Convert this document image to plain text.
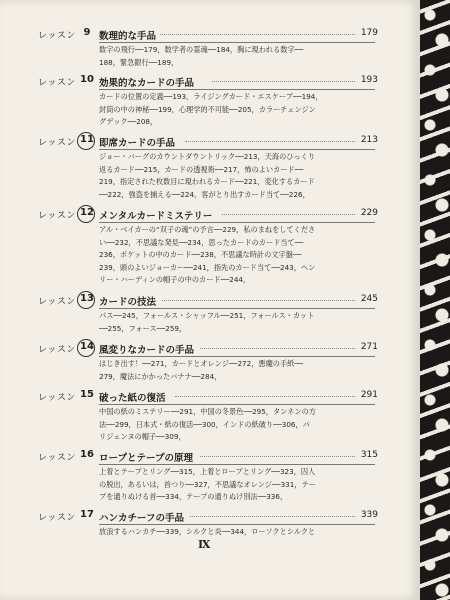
レッスン 9 数理的な手品	179
数字の飛行──179，数学者の霊魂──184，胸に現われる数字──
188，緊急銀行──189，
レッスン 10 効果的なカードの手品	193
カードの位置の定義──193，ライジングカード・エスケープ──194，
封筒の中の神秘──199，心理学的不可能──205，カラーチェンジン
グデック──208，
レッスン 11 即席カードの手品	213
ジョー・バーグのカウントダウントリック──213，天海のひっくり
返るカード──215，カードの透視術──217，怖のよいカード──
219，指定された枚数目に現われるカード──221，変化するカード
──222，強盗を捕える──224，客がとり出すカード当て──226，
レッスン 12 メンタルカードミステリー	229
アル・ベイカーの“双子の魂”の予言──229，私のまねをしてくださ
い──232，不思議な発見──234，思ったカードのカード当て──
236，ポケットの中のカード──238，不思議な時計の文字盤──
239，頭のよいジョーカー──241，指先のカード当て──243，ヘン
リー・ハーディンの帽子の中のカード──244，
レッスン 13 カードの技法	245
パス──245，フォールス・シャッフル──251，フォールス・カット
──255，フォース──259，
レッスン 14 風変りなカードの手品	271
はじき出す！──271，カードとオレンジ──272，悪魔の手紙──
279，魔法にかかったバナナ──284，
レッスン 15 破った紙の復活	291
中国の紙のミステリー──291，中国の冬景色──295，タンネンの方
法──299，日本式・紙の復活──300，インドの紙破り──306，パ
リジェンヌの帽子──309，
レッスン 16 ロープとテープの原理	315
上着とテープとリング──315，上着とロープとリング──323，囚人
の脱出，あるいは，首つり──327，不思議なオレンジ──331，テー
プを通りぬける首──334，テープの通りぬけ別法──336，
レッスン 17 ハンカチーフの手品	339
放浪するハンカチ──339，シルクと炎──344，ローソクとシルクと
Ⅸ
